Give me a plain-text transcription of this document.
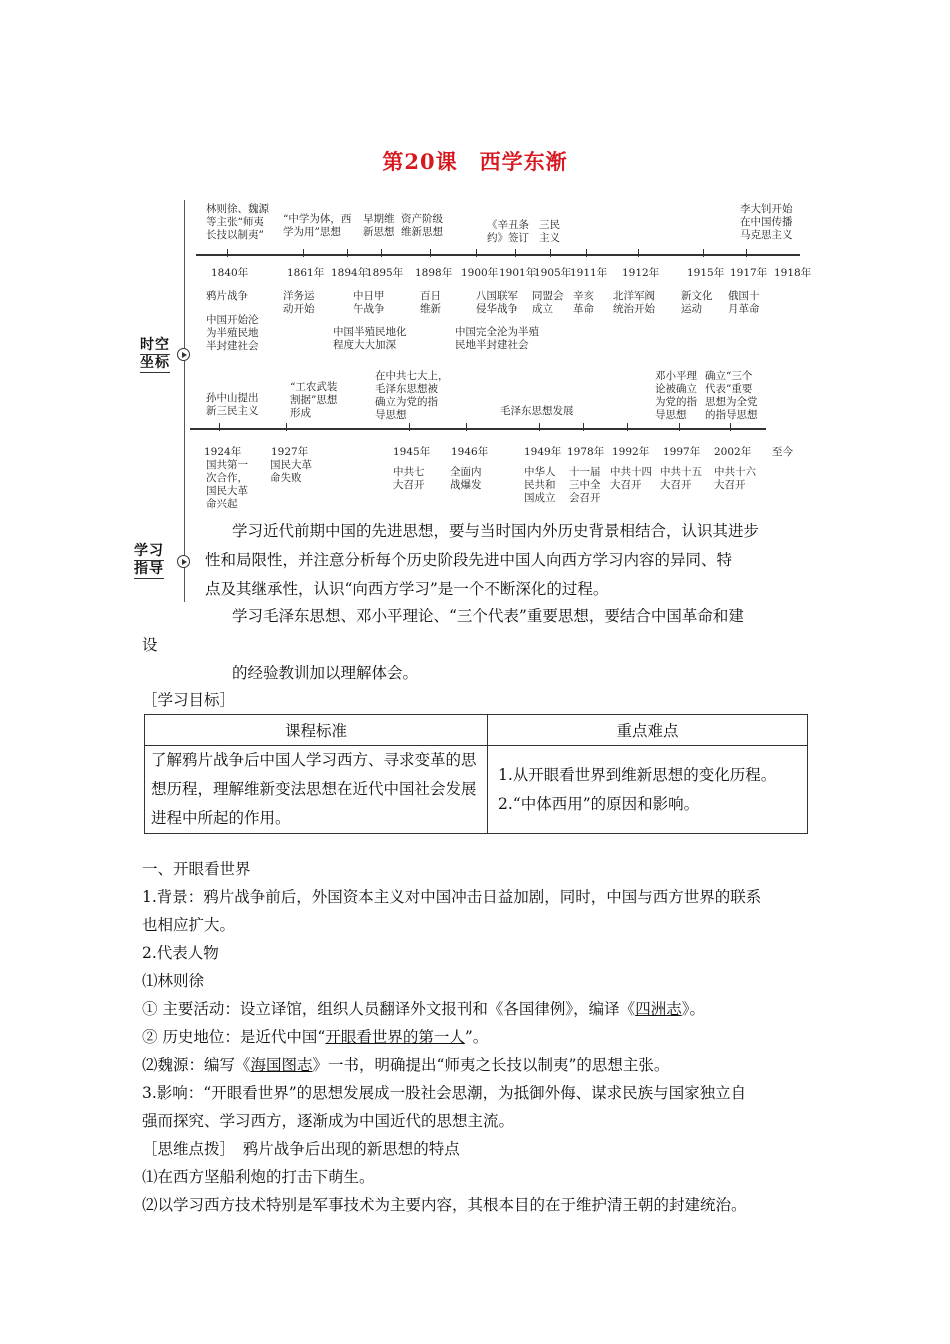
第20课　西学东渐
时空
坐标
学习
指导
林则徐、魏源
等主张“师夷
长技以制夷”
“中学为体，西
学为用”思想
早期维
新思想
资产阶级
维新思想
《辛丑条
约》签订
三民
主义
李大钊开始
在中国传播
马克思主义
1840年	1861年 1894年
1895年 1898年 1900年 1901年
1905年
1911年 1912年	1915年 1917年 1918年
鸦片战争	洋务运
动开始
中日甲
午战争
百日
维新
八国联军
侵华战争
同盟会
成立
辛亥
革命
北洋军阀
统治开始
新文化
运动
俄国十
月革命
中国开始沦
为半殖民地
半封建社会
中国半殖民地化
程度大大加深
中国完全沦为半殖
民地半封建社会
孙中山提出
新三民主义
“工农武装
割据”思想
形成
在中共七大上，
毛泽东思想被
确立为党的指
导思想	毛泽东思想发展
邓小平理
论被确立
为党的指
导思想
确立“三个
代表”重要
思想为全党
的指导思想
1924年	1927年	1945年 1946年	1949年 1978年 1992年 1997年 2002年 至今
国共第一
次合作，
国民大革
命兴起
国民大革
命失败	中共七
大召开
全面内
战爆发
中华人
民共和
国成立
十一届
三中全
会召开
中共十四
大召开
中共十五
大召开
中共十六
大召开
学习近代前期中国的先进思想，要与当时国内外历史背景相结合，认识其进步
性和局限性，并注意分析每个历史阶段先进中国人向西方学习内容的异同、特
点及其继承性，认识“向西方学习”是一个不断深化的过程。
学习毛泽东思想、邓小平理论、“三个代表”重要思想，要结合中国革命和建
设
的经验教训加以理解体会。
［学习目标］
课程标准	重点难点
了解鸦片战争后中国人学习西方、寻求变革的思想历程，理解维新变法思想在近代中国社会发展进程中所起的作用。	1.从开眼看世界到维新思想的变化历程。
2.“中体西用”的原因和影响。
一、开眼看世界
1.背景：鸦片战争前后，外国资本主义对中国冲击日益加剧，同时，中国与西方世界的联系
也相应扩大。
2.代表人物
⑴林则徐
① 主要活动：设立译馆，组织人员翻译外文报刊和《各国律例》，编译《四洲志》。
② 历史地位：是近代中国“开眼看世界的第一人”。
⑵魏源：编写《海国图志》一书，明确提出“师夷之长技以制夷”的思想主张。
3.影响：“开眼看世界”的思想发展成一股社会思潮，为抵御外侮、谋求民族与国家独立自
强而探究、学习西方，逐渐成为中国近代的思想主流。
［思维点拨］　鸦片战争后出现的新思想的特点
⑴在西方坚船利炮的打击下萌生。
⑵以学习西方技术特别是军事技术为主要内容，其根本目的在于维护清王朝的封建统治。
